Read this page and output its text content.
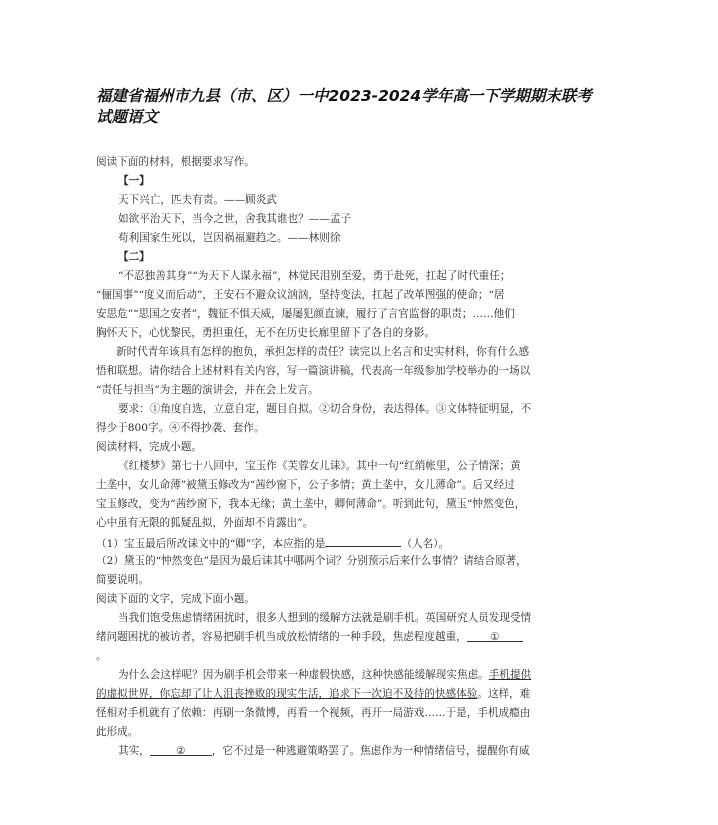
福建省福州市九县（市、区）一中2023-2024学年高一下学期期末联考
试题语文
阅读下面的材料，根据要求写作。
【一】
天下兴亡，匹夫有责。——顾炎武
如欲平治天下，当今之世，舍我其谁也？——孟子
苟利国家生死以，岂因祸福避趋之。——林则徐
【二】
“不忍独善其身”“为天下人谋永福”，林觉民泪别至爱，勇于赴死，扛起了时代重任；
“俪国事”“度义而后动”，王安石不避众议汹汹，坚持变法，扛起了改革图强的使命；“居
安思危”“思国之安者”，魏征不惧天威，屡屡犯颜直谏，履行了言官监督的职责；……他们
胸怀天下，心忧黎民，勇担重任，无不在历史长廊里留下了各自的身影。
新时代青年该具有怎样的抱负，承担怎样的责任？读完以上名言和史实材料，你有什么感
悟和联想。请你结合上述材料有关内容，写一篇演讲稿，代表高一年级参加学校举办的一场以
“责任与担当”为主题的演讲会，并在会上发言。
要求：①角度自选，立意自定，题目自拟。②切合身份，表达得体。③文体特征明显，不
得少于800字。④不得抄袭、套作。
阅读材料，完成小题。
《红楼梦》第七十八回中，宝玉作《芙蓉女儿诔》。其中一句“红绡帐里，公子情深；黄
土垄中，女儿命薄”被黛玉修改为“茜纱窗下，公子多情；黄土垄中，女儿薄命”。后又经过
宝玉修改，变为“茜纱窗下，我本无缘；黄土垄中，卿何薄命”。听到此句，黛玉“忡然变色，
心中虽有无限的狐疑乱拟，外面却不肯露出”。
（1）宝玉最后所改诔文中的“卿”字，本应指的是	（人名）。
（2）黛玉的“忡然变色”是因为最后诔其中哪两个词？分别预示后来什么事情？请结合原著，
简要说明。
阅读下面的文字，完成下面小题。
当我们饱受焦虑情绪困扰时，很多人想到的缓解方法就是刷手机。英国研究人员发现受情
绪问题困扰的被访者，容易把刷手机当成放松情绪的一种手段，焦虑程度越重， ①
。
为什么会这样呢？因为刷手机会带来一种虚假快感，这种快感能缓解现实焦虑。手机提供
的虚拟世界，你忘却了让人沮丧挫败的现实生活，追求下一次迫不及待的快感体验。这样，难
怪相对手机就有了依赖：再刷一条微博，再看一个视频，再开一局游戏……于是，手机成瘾由
此形成。
其实， ② ，它不过是一种逃避策略罢了。焦虑作为一种情绪信号，提醒你有威
